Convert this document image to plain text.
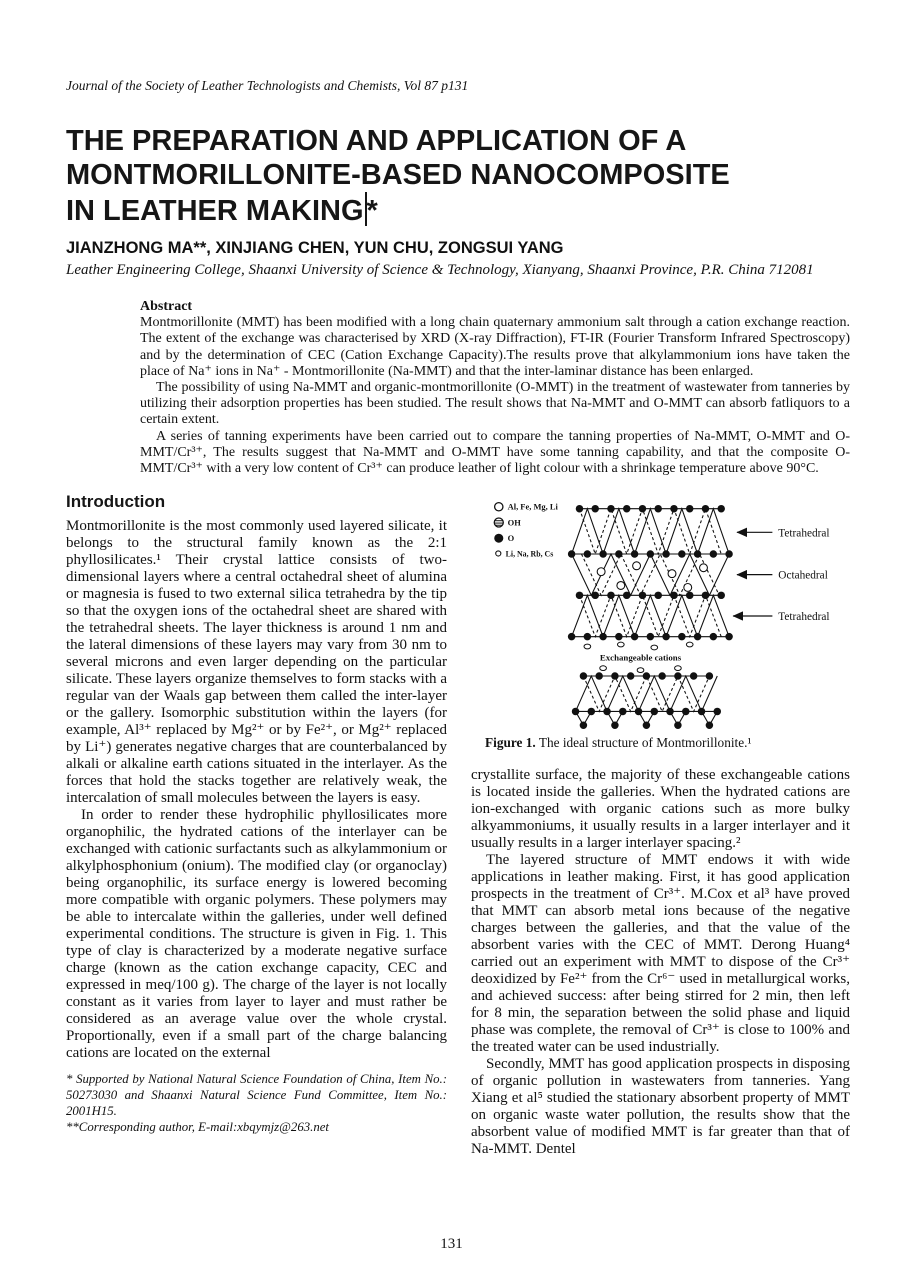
Journal of the Society of Leather Technologists and Chemists, Vol 87 p131
THE PREPARATION AND APPLICATION OF A
MONTMORILLONITE-BASED NANOCOMPOSITE
IN LEATHER MAKING *
JIANZHONG MA**, XINJIANG CHEN, YUN CHU, ZONGSUI YANG
Leather Engineering College, Shaanxi University of Science & Technology, Xianyang, Shaanxi Province, P.R. China 712081
Abstract

Montmorillonite (MMT) has been modified with a long chain quaternary ammonium salt through a cation exchange reaction. The extent of the exchange was characterised by XRD (X-ray Diffraction), FT-IR (Fourier Transform Infrared Spectroscopy) and by the determination of CEC (Cation Exchange Capacity).The results prove that alkylammonium ions have taken the place of Na⁺ ions in Na⁺ - Montmorillonite (Na-MMT) and that the inter-laminar distance has been enlarged.

The possibility of using Na-MMT and organic-montmorillonite (O-MMT) in the treatment of wastewater from tanneries by utilizing their adsorption properties has been studied. The result shows that Na-MMT and O-MMT can absorb fatliquors to a certain extent.

A series of tanning experiments have been carried out to compare the tanning properties of Na-MMT, O-MMT and O-MMT/Cr³⁺, The results suggest that Na-MMT and O-MMT have some tanning capability, and that the composite O-MMT/Cr³⁺ with a very low content of Cr³⁺ can produce leather of light colour with a shrinkage temperature above 90°C.

Introduction

Montmorillonite is the most commonly used layered silicate, it belongs to the structural family known as the 2:1 phyllosilicates.¹ Their crystal lattice consists of two-dimensional layers where a central octahedral sheet of alumina or magnesia is fused to two external silica tetrahedra by the tip so that the oxygen ions of the octahedral sheet are shared with the tetrahedral sheets. The layer thickness is around 1 nm and the lateral dimensions of these layers may vary from 30 nm to several microns and even larger depending on the particular silicate. These layers organize themselves to form stacks with a regular van der Waals gap between them called the inter-layer or the gallery. Isomorphic substitution within the layers (for example, Al³⁺ replaced by Mg²⁺ or by Fe²⁺, or Mg²⁺ replaced by Li⁺) generates negative charges that are counterbalanced by alkali or alkaline earth cations situated in the interlayer. As the forces that hold the stacks together are relatively weak, the intercalation of small molecules between the layers is easy.

In order to render these hydrophilic phyllosilicates more organophilic, the hydrated cations of the interlayer can be exchanged with cationic surfactants such as alkylammonium or alkylphosphonium (onium). The modified clay (or organoclay) being organophilic, its surface energy is lowered becoming more compatible with organic polymers. These polymers may be able to intercalate within the galleries, under well defined experimental conditions. The structure is given in Fig. 1. This type of clay is characterized by a moderate negative surface charge (known as the cation exchange capacity, CEC and expressed in meq/100 g). The charge of the layer is not locally constant as it varies from layer to layer and must rather be considered as an average value over the whole crystal. Proportionally, even if a small part of the charge balancing cations are located on the external

* Supported by National Natural Science Foundation of China, Item No.: 50273030 and Shaanxi Natural Science Fund Committee, Item No.: 2001H15.

**Corresponding author, E-mail:xbqymjz@263.net

Al, Fe, Mg, Li
OH
O
Li, Na, Rb, Cs
Tetrahedral
Octahedral
Tetrahedral
Exchangeable cations

Figure 1. The ideal structure of Montmorillonite.¹

crystallite surface, the majority of these exchangeable cations is located inside the galleries. When the hydrated cations are ion-exchanged with organic cations such as more bulky alkyammoniums, it usually results in a larger interlayer and it usually results in a larger interlayer spacing.²

The layered structure of MMT endows it with wide applications in leather making. First, it has good application prospects in the treatment of Cr³⁺. M.Cox et al³ have proved that MMT can absorb metal ions because of the negative charges between the galleries, and that the value of the absorbent varies with the CEC of MMT. Derong Huang⁴ carried out an experiment with MMT to dispose of the Cr³⁺ deoxidized by Fe²⁺ from the Cr⁶⁻ used in metallurgical works, and achieved success: after being stirred for 2 min, then left for 8 min, the separation between the solid phase and liquid phase was complete, the removal of Cr³⁺ is close to 100% and the treated water can be used industrially.

Secondly, MMT has good application prospects in disposing of organic pollution in wastewaters from tanneries. Yang Xiang et al⁵ studied the stationary absorbent property of MMT on organic waste water pollution, the results show that the absorbent value of modified MMT is far greater than that of Na-MMT. Dentel

131
